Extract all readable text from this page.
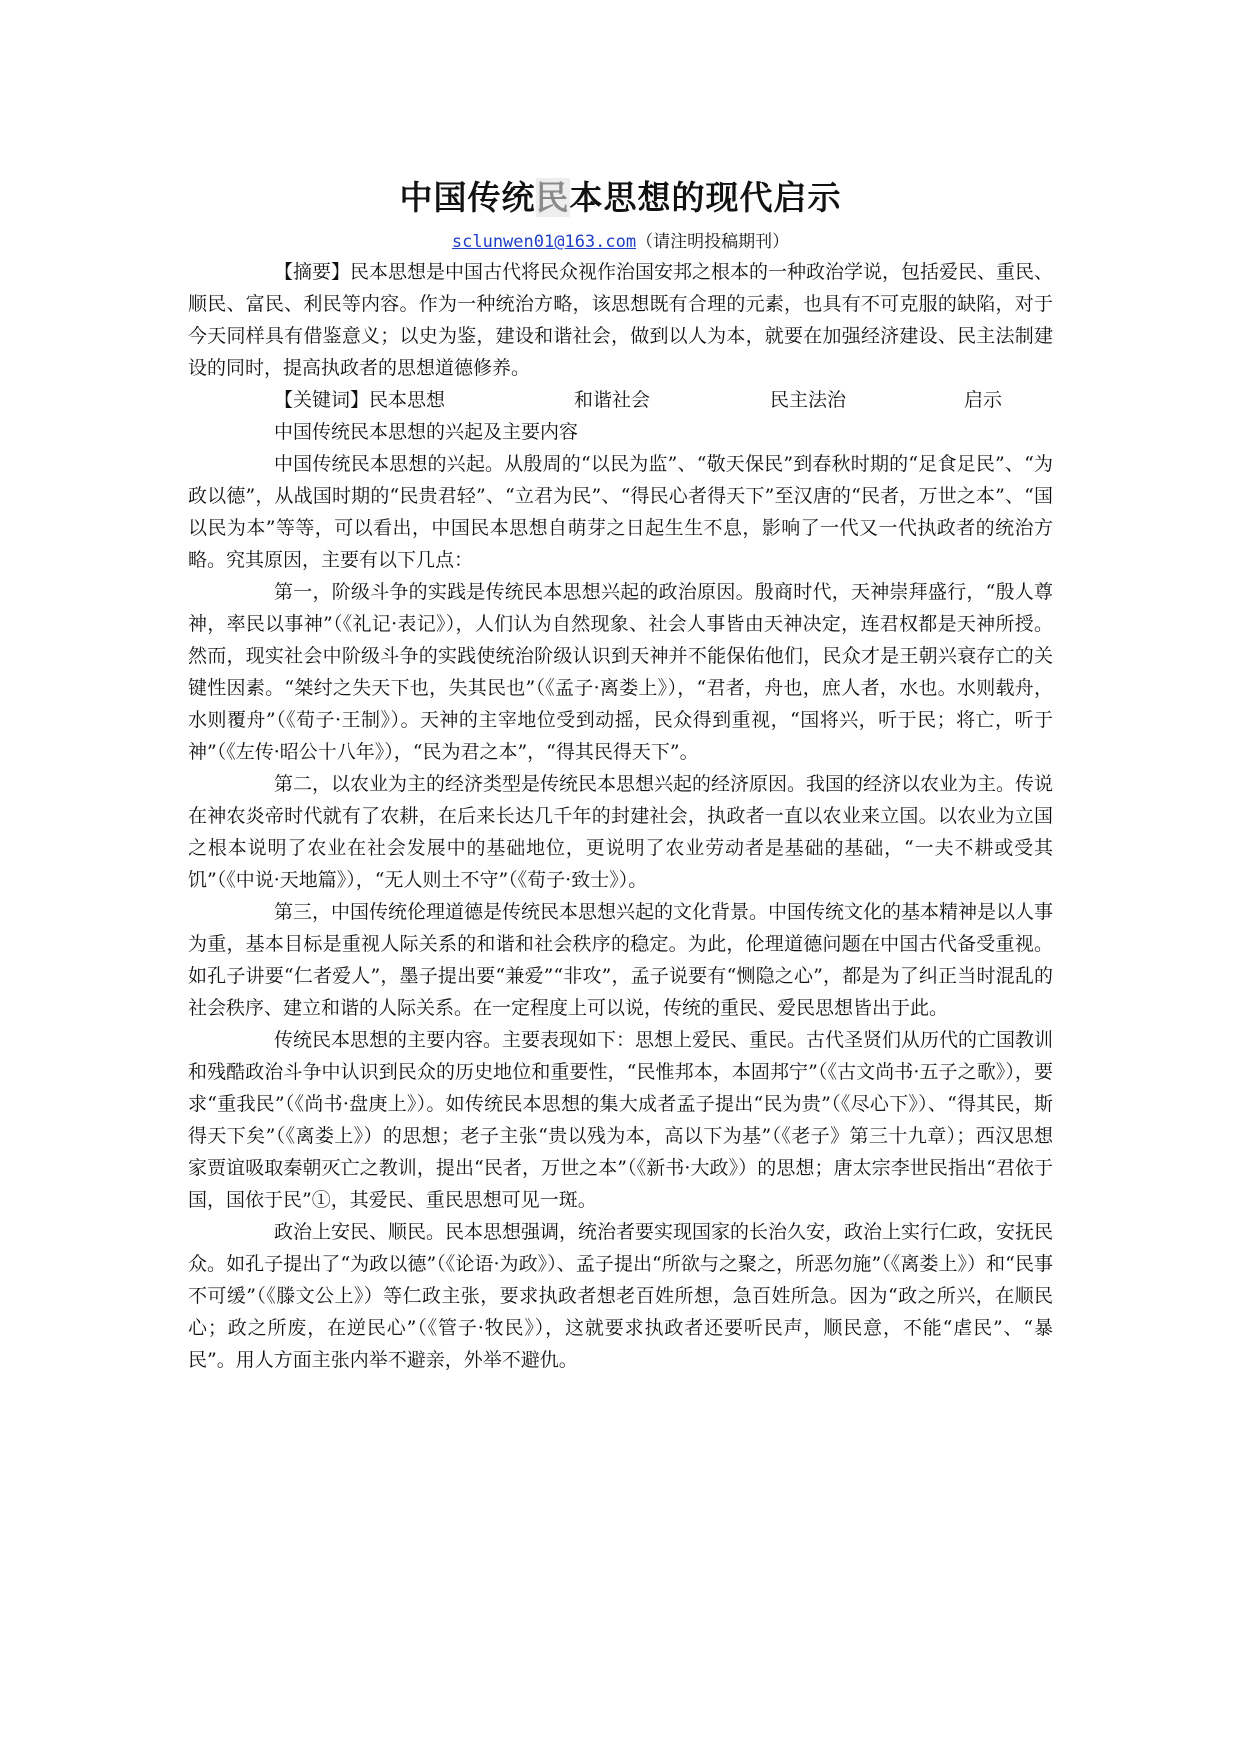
中国传统民本思想的现代启示
sclunwen01@163.com（请注明投稿期刊）

【摘要】民本思想是中国古代将民众视作治国安邦之根本的一种政治学说，包括爱民、重民、顺民、富民、利民等内容。作为一种统治方略，该思想既有合理的元素，也具有不可克服的缺陷，对于今天同样具有借鉴意义；以史为鉴，建设和谐社会，做到以人为本，就要在加强经济建设、民主法制建设的同时，提高执政者的思想道德修养。

【关键词】民本思想	和谐社会	民主法治	启示

中国传统民本思想的兴起及主要内容

中国传统民本思想的兴起。从殷周的“以民为监”、“敬天保民”到春秋时期的“足食足民”、“为政以德”，从战国时期的“民贵君轻”、“立君为民”、“得民心者得天下”至汉唐的“民者，万世之本”、“国以民为本”等等，可以看出，中国民本思想自萌芽之日起生生不息，影响了一代又一代执政者的统治方略。究其原因，主要有以下几点：

第一，阶级斗争的实践是传统民本思想兴起的政治原因。殷商时代，天神崇拜盛行，“殷人尊神，率民以事神”（《礼记·表记》），人们认为自然现象、社会人事皆由天神决定，连君权都是天神所授。然而，现实社会中阶级斗争的实践使统治阶级认识到天神并不能保佑他们，民众才是王朝兴衰存亡的关键性因素。“桀纣之失天下也，失其民也”（《孟子·离娄上》），“君者，舟也，庶人者，水也。水则载舟，水则覆舟”（《荀子·王制》）。天神的主宰地位受到动摇，民众得到重视，“国将兴，听于民；将亡，听于神”（《左传·昭公十八年》），“民为君之本”，“得其民得天下”。

第二，以农业为主的经济类型是传统民本思想兴起的经济原因。我国的经济以农业为主。传说在神农炎帝时代就有了农耕，在后来长达几千年的封建社会，执政者一直以农业来立国。以农业为立国之根本说明了农业在社会发展中的基础地位，更说明了农业劳动者是基础的基础，“一夫不耕或受其饥”（《中说·天地篇》），“无人则土不守”（《荀子·致士》）。

第三，中国传统伦理道德是传统民本思想兴起的文化背景。中国传统文化的基本精神是以人事为重，基本目标是重视人际关系的和谐和社会秩序的稳定。为此，伦理道德问题在中国古代备受重视。如孔子讲要“仁者爱人”，墨子提出要“兼爱”“非攻”，孟子说要有“恻隐之心”，都是为了纠正当时混乱的社会秩序、建立和谐的人际关系。在一定程度上可以说，传统的重民、爱民思想皆出于此。

传统民本思想的主要内容。主要表现如下：思想上爱民、重民。古代圣贤们从历代的亡国教训和残酷政治斗争中认识到民众的历史地位和重要性，“民惟邦本，本固邦宁”（《古文尚书·五子之歌》），要求“重我民”（《尚书·盘庚上》）。如传统民本思想的集大成者孟子提出“民为贵”（《尽心下》）、“得其民，斯得天下矣”（《离娄上》）的思想；老子主张“贵以残为本，高以下为基”（《老子》第三十九章）；西汉思想家贾谊吸取秦朝灭亡之教训，提出“民者，万世之本”（《新书·大政》）的思想；唐太宗李世民指出“君依于国，国依于民”①，其爱民、重民思想可见一斑。

政治上安民、顺民。民本思想强调，统治者要实现国家的长治久安，政治上实行仁政，安抚民众。如孔子提出了“为政以德”（《论语·为政》）、孟子提出“所欲与之聚之，所恶勿施”（《离娄上》）和“民事不可缓”（《滕文公上》）等仁政主张，要求执政者想老百姓所想，急百姓所急。因为“政之所兴，在顺民心；政之所废，在逆民心”（《管子·牧民》），这就要求执政者还要听民声，顺民意，不能“虐民”、“暴民”。用人方面主张内举不避亲，外举不避仇。
